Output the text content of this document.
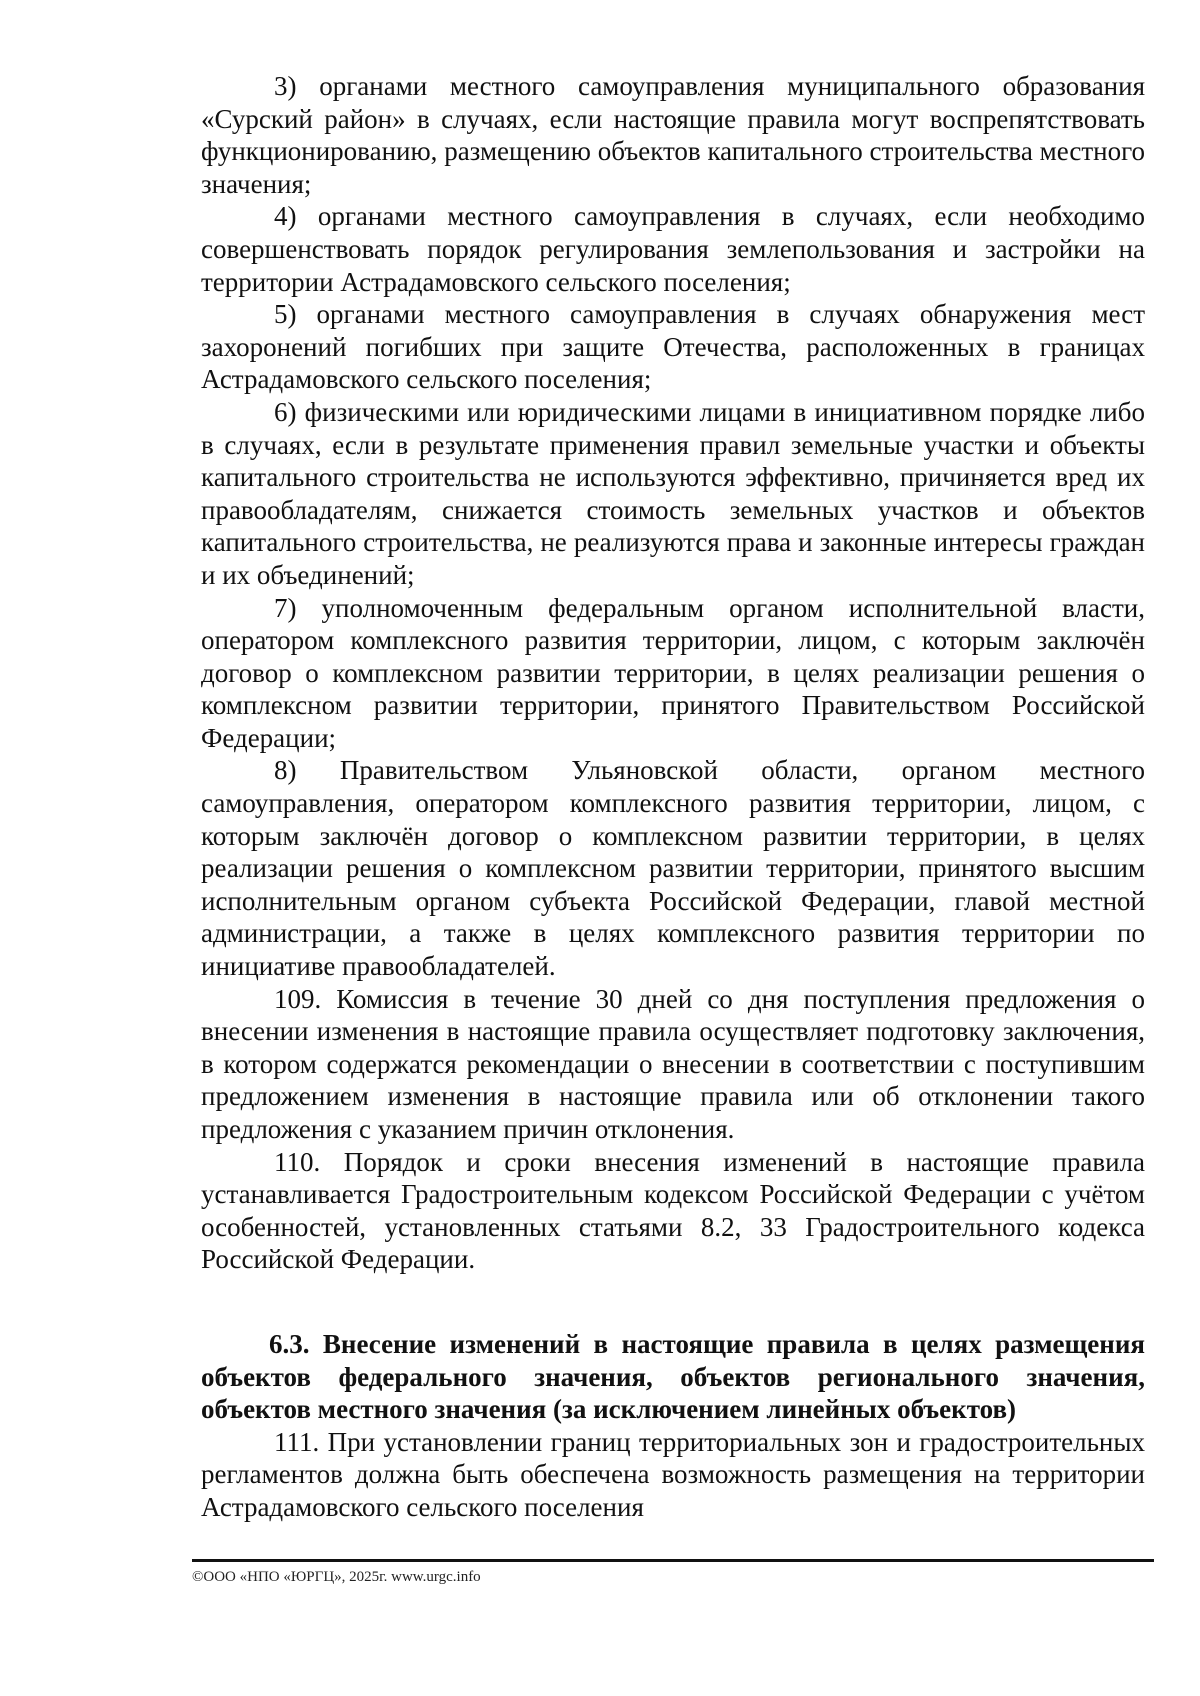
3) органами местного самоуправления муниципального образования «Сурский район» в случаях, если настоящие правила могут воспрепятствовать функционированию, размещению объектов капитального строительства местного значения;

4) органами местного самоуправления в случаях, если необходимо совершенствовать порядок регулирования землепользования и застройки на территории Астрадамовского сельского поселения;

5) органами местного самоуправления в случаях обнаружения мест захоронений погибших при защите Отечества, расположенных в границах Астрадамовского сельского поселения;

6) физическими или юридическими лицами в инициативном порядке либо в случаях, если в результате применения правил земельные участки и объекты капитального строительства не используются эффективно, причиняется вред их правообладателям, снижается стоимость земельных участков и объектов капитального строительства, не реализуются права и законные интересы граждан и их объединений;

7) уполномоченным федеральным органом исполнительной власти, оператором комплексного развития территории, лицом, с которым заключён договор о комплексном развитии территории, в целях реализации решения о комплексном развитии территории, принятого Правительством Российской Федерации;

8) Правительством Ульяновской области, органом местного самоуправления, оператором комплексного развития территории, лицом, с которым заключён договор о комплексном развитии территории, в целях реализации решения о комплексном развитии территории, принятого высшим исполнительным органом субъекта Российской Федерации, главой местной администрации, а также в целях комплексного развития территории по инициативе правообладателей.

109. Комиссия в течение 30 дней со дня поступления предложения о внесении изменения в настоящие правила осуществляет подготовку заключения, в котором содержатся рекомендации о внесении в соответствии с поступившим предложением изменения в настоящие правила или об отклонении такого предложения с указанием причин отклонения.

110. Порядок и сроки внесения изменений в настоящие правила устанавливается Градостроительным кодексом Российской Федерации с учётом особенностей, установленных статьями 8.2, 33 Градостроительного кодекса Российской Федерации.

6.3. Внесение изменений в настоящие правила в целях размещения объектов федерального значения, объектов регионального значения, объектов местного значения (за исключением линейных объектов)

111. При установлении границ территориальных зон и градостроительных регламентов должна быть обеспечена возможность размещения на территории Астрадамовского сельского поселения

©ООО «НПО «ЮРГЦ», 2025г. www.urgc.info
